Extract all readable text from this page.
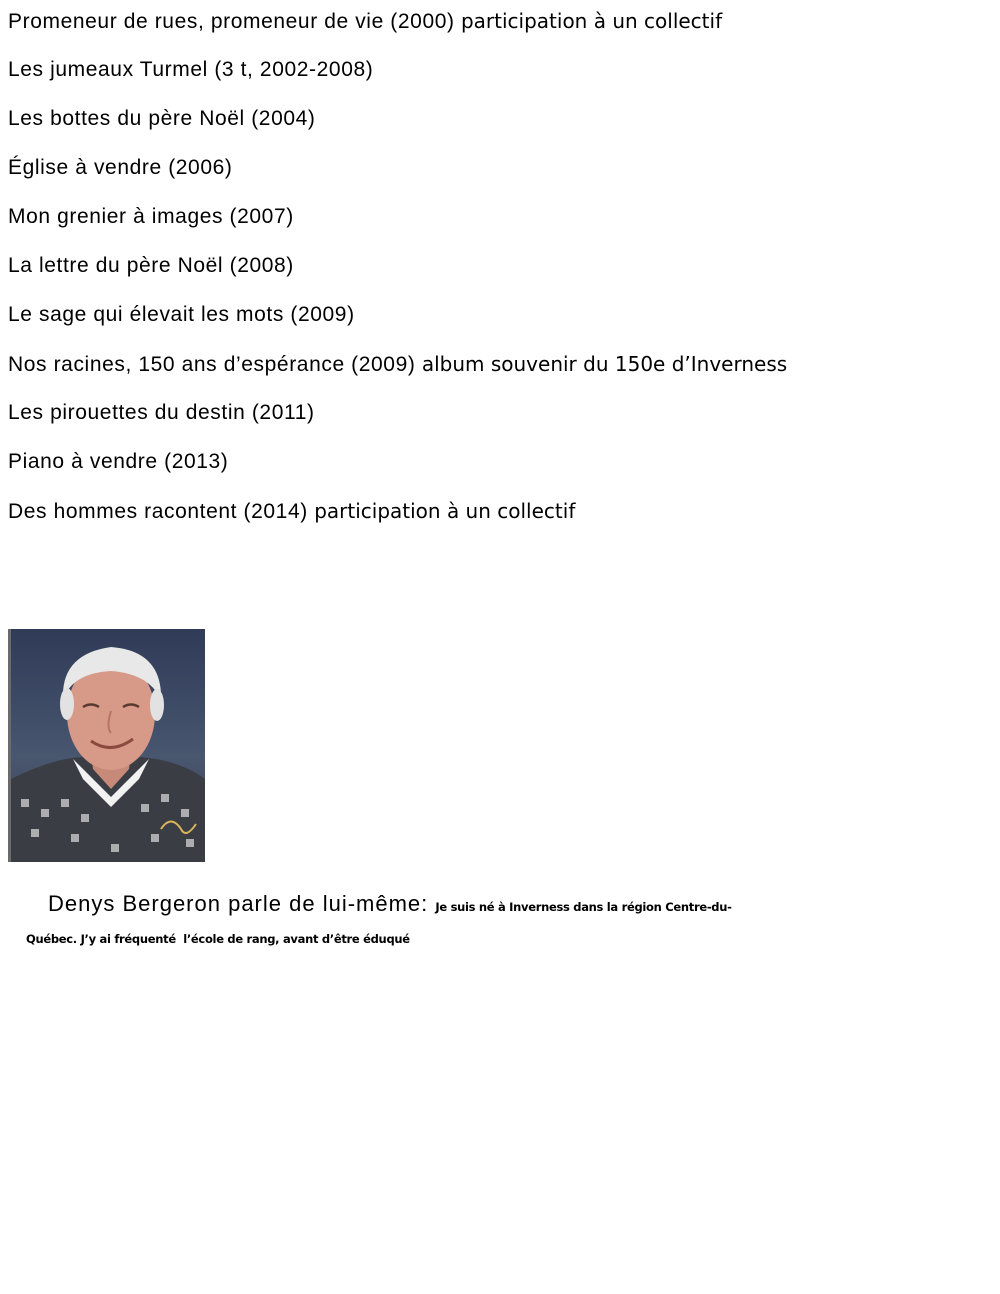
Promeneur de rues, promeneur de vie (2000) participation à un collectif
Les jumeaux Turmel (3 t, 2002-2008)
Les bottes du père Noël (2004)
Église à vendre (2006)
Mon grenier à images (2007)
La lettre du père Noël (2008)
Le sage qui élevait les mots (2009)
Nos racines, 150 ans d’espérance (2009) album souvenir du 150e d’Inverness
Les pirouettes du destin (2011)
Piano à vendre (2013)
Des hommes racontent (2014) participation à un collectif
Denys Bergeron parle de lui-même: Je suis né à Inverness dans la région Centre-du-
Québec. J’y ai fréquenté  l’école de rang, avant d’être éduqué
